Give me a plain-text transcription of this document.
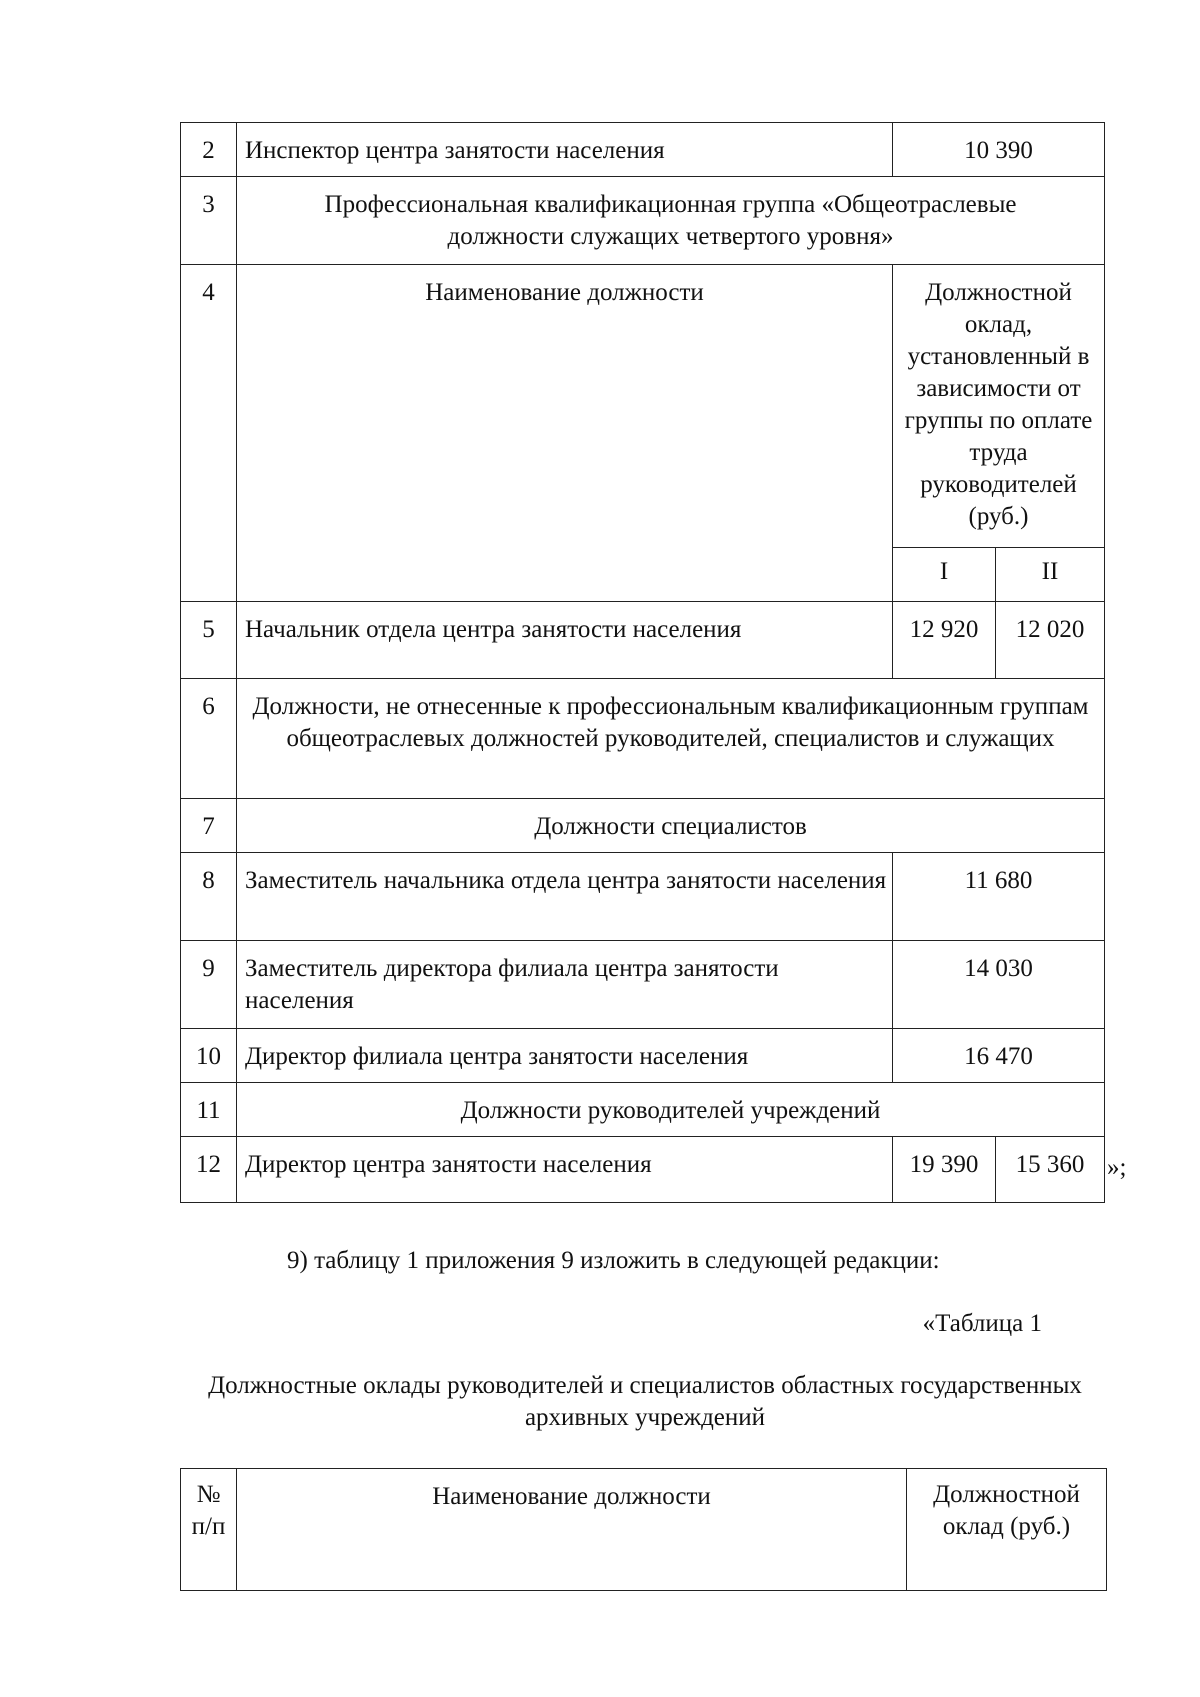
2	Инспектор центра занятости населения	10 390	
3	Профессиональная квалификационная группа «Общеотраслевые должности служащих четвертого уровня»		
4	Наименование должности	Должностной оклад, установленный в зависимости от группы по оплате труда руководителей (руб.)	
		I	II
5	Начальник отдела центра занятости населения	12 920	12 020
6	Должности, не отнесенные к профессиональным квалификационным группам общеотраслевых должностей руководителей, специалистов и служащих		
7	Должности специалистов		
8	Заместитель начальника отдела центра занятости населения	11 680	
9	Заместитель директора филиала центра занятости населения	14 030	
10	Директор филиала центра занятости населения	16 470	
11	Должности руководителей учреждений		
12	Директор центра занятости населения	19 390	15 360 »;
9) таблицу 1 приложения 9 изложить в следующей редакции:
«Таблица 1
Должностные оклады руководителей и специалистов областных государственных архивных учреждений
№ п/п	Наименование должности	Должностной оклад (руб.)
